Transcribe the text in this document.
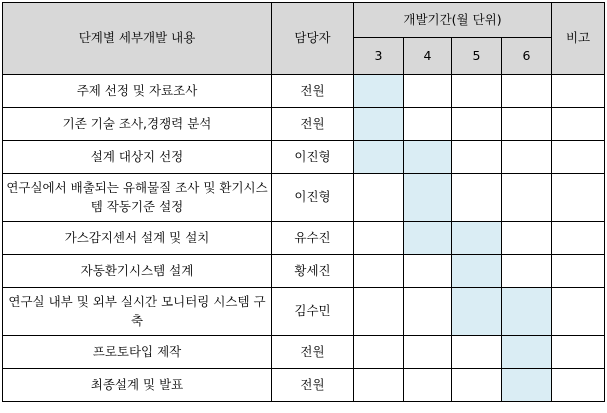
단계별 세부개발 내용	담당자	개발기간(월 단위)				비고
		3	4	5	6	
주제 선정 및 자료조사	전원					
기존 기술 조사,경쟁력 분석	전원					
설계 대상지 선정	이진형					
연구실에서 배출되는 유해물질 조사 및 환기시스템 작동기준 설정	이진형					
가스감지센서 설계 및 설치	유수진					
자동환기시스템 설계	황세진					
연구실 내부 및 외부 실시간 모니터링 시스템 구축	김수민					
프로토타입 제작	전원					
최종설계 및 발표	전원					
